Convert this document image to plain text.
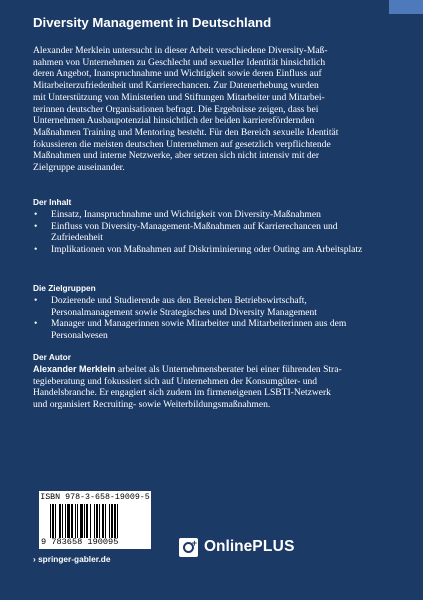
Diversity Management in Deutschland
Alexander Merklein untersucht in dieser Arbeit verschiedene Diversity-Maß-
nahmen von Unternehmen zu Geschlecht und sexueller Identität hinsichtlich
deren Angebot, Inanspruchnahme und Wichtigkeit sowie deren Einfluss auf
Mitarbeiterzufriedenheit und Karrierechancen. Zur Datenerhebung wurden
mit Unterstützung von Ministerien und Stiftungen Mitarbeiter und Mitarbei-
terinnen deutscher Organisationen befragt. Die Ergebnisse zeigen, dass bei
Unternehmen Ausbaupotenzial hinsichtlich der beiden karrierefördernden
Maßnahmen Training und Mentoring besteht. Für den Bereich sexuelle Identität
fokussieren die meisten deutschen Unternehmen auf gesetzlich verpflichtende
Maßnahmen und interne Netzwerke, aber setzen sich nicht intensiv mit der
Zielgruppe auseinander.
Der Inhalt
• Einsatz, Inanspruchnahme und Wichtigkeit von Diversity-Maßnahmen
• Einfluss von Diversity-Management-Maßnahmen auf Karrierechancen und Zufriedenheit
• Implikationen von Maßnahmen auf Diskriminierung oder Outing am Arbeitsplatz
Die Zielgruppen
• Dozierende und Studierende aus den Bereichen Betriebswirtschaft, Personalmanagement sowie Strategisches und Diversity Management
• Manager und Managerinnen sowie Mitarbeiter und Mitarbeiterinnen aus dem Personalwesen
Der Autor
Alexander Merklein arbeitet als Unternehmensberater bei einer führenden Stra-
tegieberatung und fokussiert sich auf Unternehmen der Konsumgüter- und
Handelsbranche. Er engagiert sich zudem im firmeneigenen LSBTI-Netzwerk
und organisiert Recruiting- sowie Weiterbildungsmaßnahmen.
ISBN 978-3-658-19009-5
9 783658 190095	+ OnlinePLUS
› springer-gabler.de
